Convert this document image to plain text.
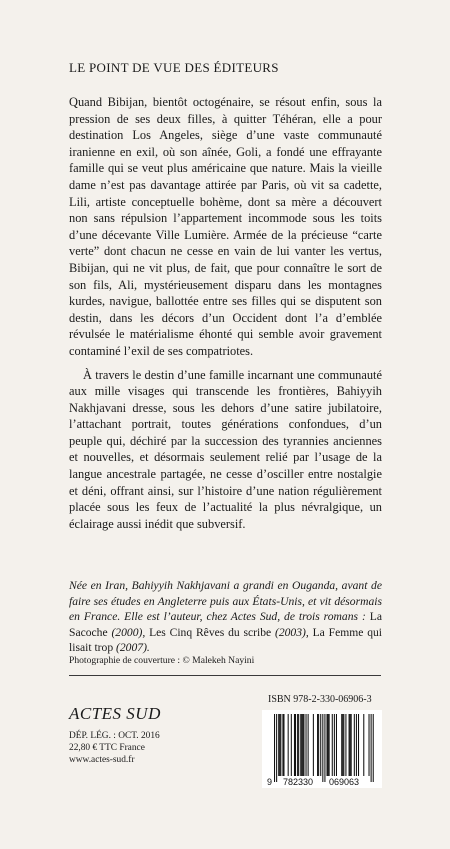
LE POINT DE VUE DES ÉDITEURS

Quand Bibijan, bientôt octogénaire, se résout enfin, sous la pression de ses deux filles, à quitter Téhéran, elle a pour destination Los Angeles, siège d’une vaste communauté iranienne en exil, où son aînée, Goli, a fondé une effrayante famille qui se veut plus américaine que nature. Mais la vieille dame n’est pas davantage attirée par Paris, où vit sa cadette, Lili, artiste conceptuelle bohème, dont sa mère a découvert non sans répulsion l’appartement incommode sous les toits d’une décevante Ville Lumière. Armée de la précieuse “carte verte” dont chacun ne cesse en vain de lui vanter les vertus, Bibijan, qui ne vit plus, de fait, que pour connaître le sort de son fils, Ali, mystérieusement disparu dans les montagnes kurdes, navigue, ballottée entre ses filles qui se disputent son destin, dans les décors d’un Occident dont l’a d’emblée révulsée le matérialisme éhonté qui semble avoir gravement contaminé l’exil de ses compatriotes.

À travers le destin d’une famille incarnant une communauté aux mille visages qui transcende les frontières, Bahiyyih Nakhjavani dresse, sous les dehors d’une satire jubilatoire, l’attachant portrait, toutes générations confondues, d’un peuple qui, déchiré par la succession des tyrannies anciennes et nouvelles, et désormais seulement relié par l’usage de la langue ancestrale partagée, ne cesse d’osciller entre nostalgie et déni, offrant ainsi, sur l’histoire d’une nation régulièrement placée sous les feux de l’actualité la plus névralgique, un éclairage aussi inédit que subversif.

Née en Iran, Bahiyyih Nakhjavani a grandi en Ouganda, avant de faire ses études en Angleterre puis aux États-Unis, et vit désormais en France. Elle est l’auteur, chez Actes Sud, de trois romans : La Sacoche (2000), Les Cinq Rêves du scribe (2003), La Femme qui lisait trop (2007).
Photographie de couverture : © Malekeh Nayini
ACTES SUD
DÉP. LÉG. : OCT. 2016
22,80 € TTC France
www.actes-sud.fr
ISBN 978-2-330-06906-3
9 782330 069063
